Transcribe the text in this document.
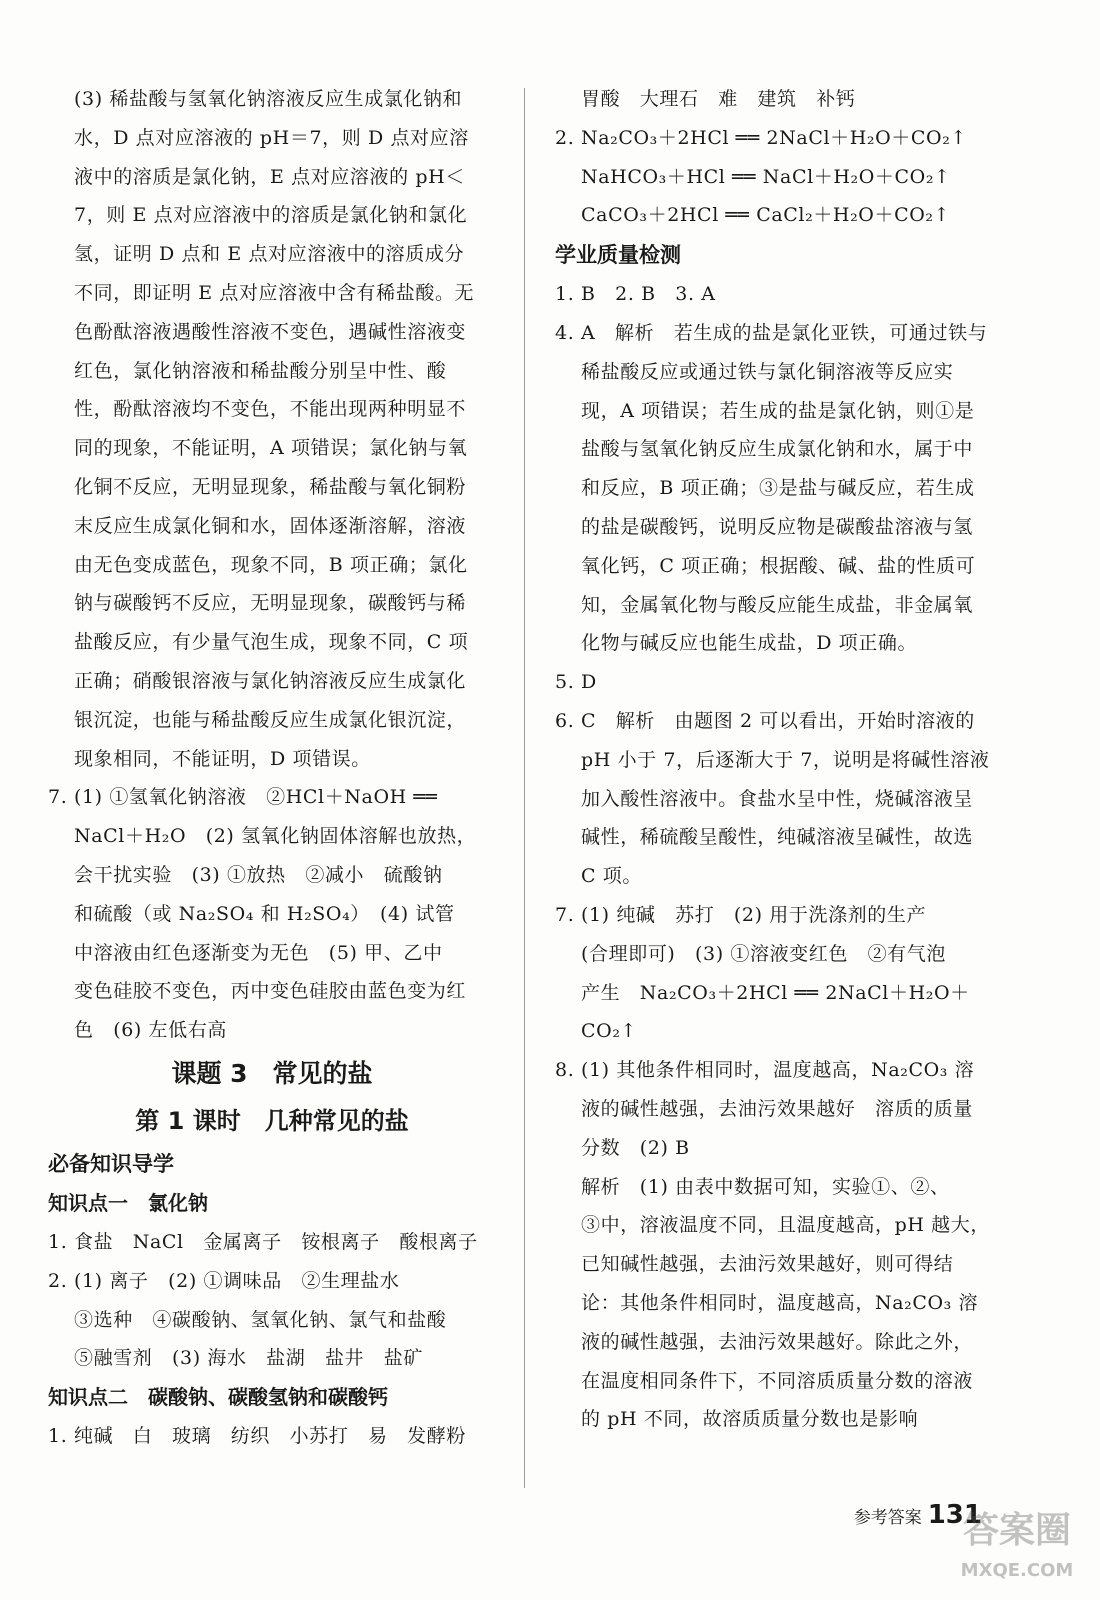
(3) 稀盐酸与氢氧化钠溶液反应生成氯化钠和
水，D 点对应溶液的 pH＝7，则 D 点对应溶
液中的溶质是氯化钠，E 点对应溶液的 pH＜
7，则 E 点对应溶液中的溶质是氯化钠和氯化
氢，证明 D 点和 E 点对应溶液中的溶质成分
不同，即证明 E 点对应溶液中含有稀盐酸。无
色酚酞溶液遇酸性溶液不变色，遇碱性溶液变
红色，氯化钠溶液和稀盐酸分别呈中性、酸
性，酚酞溶液均不变色，不能出现两种明显不
同的现象，不能证明，A 项错误；氯化钠与氧
化铜不反应，无明显现象，稀盐酸与氧化铜粉
末反应生成氯化铜和水，固体逐渐溶解，溶液
由无色变成蓝色，现象不同，B 项正确；氯化
钠与碳酸钙不反应，无明显现象，碳酸钙与稀
盐酸反应，有少量气泡生成，现象不同，C 项
正确；硝酸银溶液与氯化钠溶液反应生成氯化
银沉淀，也能与稀盐酸反应生成氯化银沉淀，
现象相同，不能证明，D 项错误。
7. (1) ①氢氧化钠溶液　②HCl＋NaOH ══
NaCl＋H₂O　(2) 氢氧化钠固体溶解也放热，
会干扰实验　(3) ①放热　②减小　硫酸钠
和硫酸（或 Na₂SO₄ 和 H₂SO₄）　(4) 试管
中溶液由红色逐渐变为无色　(5) 甲、乙中
变色硅胶不变色，丙中变色硅胶由蓝色变为红
色　(6) 左低右高
课题 3　常见的盐
第 1 课时　几种常见的盐
必备知识导学
知识点一　氯化钠
1. 食盐　NaCl　金属离子　铵根离子　酸根离子
2. (1) 离子　(2) ①调味品　②生理盐水
③选种　④碳酸钠、氢氧化钠、氯气和盐酸
⑤融雪剂　(3) 海水　盐湖　盐井　盐矿
知识点二　碳酸钠、碳酸氢钠和碳酸钙
1. 纯碱　白　玻璃　纺织　小苏打　易　发酵粉
胃酸　大理石　难　建筑　补钙
2. Na₂CO₃＋2HCl ══ 2NaCl＋H₂O＋CO₂↑
NaHCO₃＋HCl ══ NaCl＋H₂O＋CO₂↑
CaCO₃＋2HCl ══ CaCl₂＋H₂O＋CO₂↑
学业质量检测
1. B　2. B　3. A
4. A　解析　若生成的盐是氯化亚铁，可通过铁与
稀盐酸反应或通过铁与氯化铜溶液等反应实
现，A 项错误；若生成的盐是氯化钠，则①是
盐酸与氢氧化钠反应生成氯化钠和水，属于中
和反应，B 项正确；③是盐与碱反应，若生成
的盐是碳酸钙，说明反应物是碳酸盐溶液与氢
氧化钙，C 项正确；根据酸、碱、盐的性质可
知，金属氧化物与酸反应能生成盐，非金属氧
化物与碱反应也能生成盐，D 项正确。
5. D
6. C　解析　由题图 2 可以看出，开始时溶液的
pH 小于 7，后逐渐大于 7，说明是将碱性溶液
加入酸性溶液中。食盐水呈中性，烧碱溶液呈
碱性，稀硫酸呈酸性，纯碱溶液呈碱性，故选
C 项。
7. (1) 纯碱　苏打　(2) 用于洗涤剂的生产
(合理即可)　(3) ①溶液变红色　②有气泡
产生　Na₂CO₃＋2HCl ══ 2NaCl＋H₂O＋
CO₂↑
8. (1) 其他条件相同时，温度越高，Na₂CO₃ 溶
液的碱性越强，去油污效果越好　溶质的质量
分数　(2) B
解析　(1) 由表中数据可知，实验①、②、
③中，溶液温度不同，且温度越高，pH 越大，
已知碱性越强，去油污效果越好，则可得结
论：其他条件相同时，温度越高，Na₂CO₃ 溶
液的碱性越强，去油污效果越好。除此之外，
在温度相同条件下，不同溶质质量分数的溶液
的 pH 不同，故溶质质量分数也是影响
参考答案 131
答案圈
MXQE.COM
